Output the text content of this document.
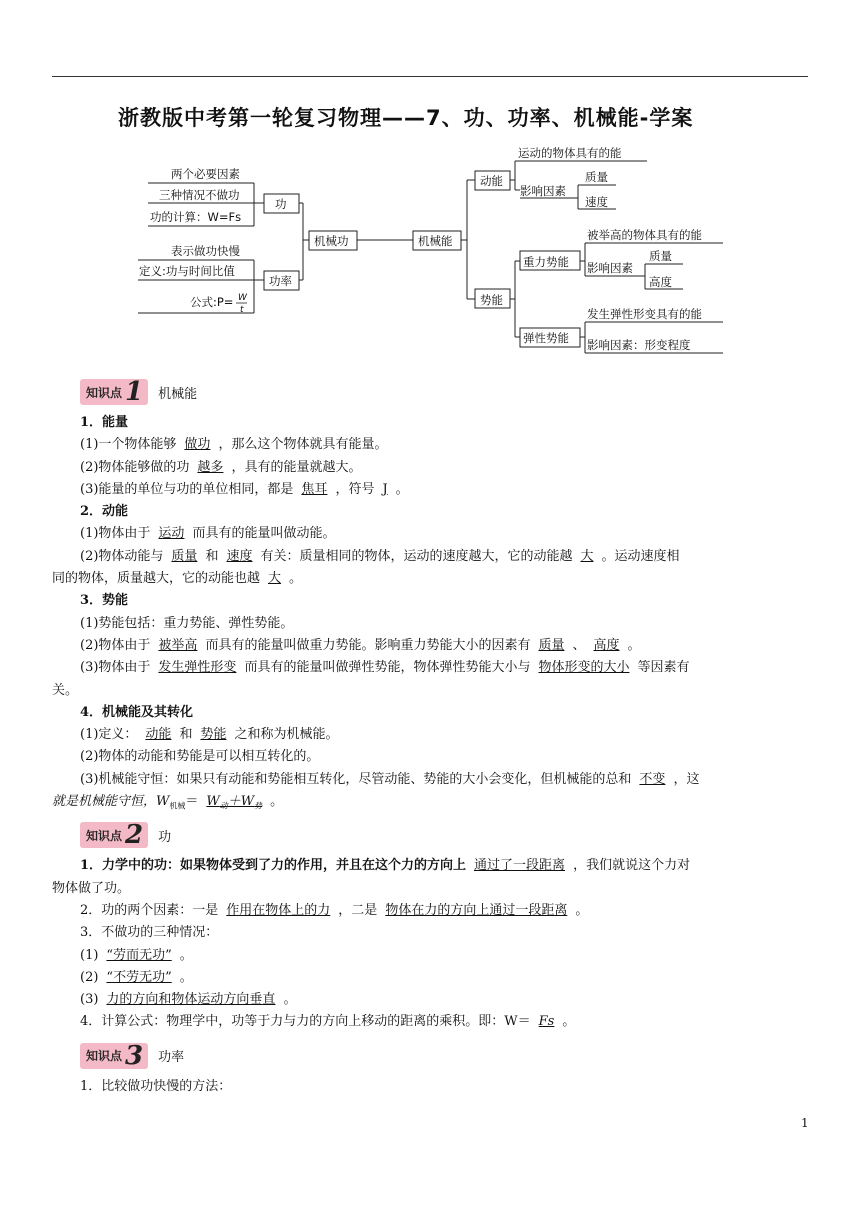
浙教版中考第一轮复习物理——7、功、功率、机械能-学案
两个必要因素
三种情况不做功
功的计算：W=Fs
功
表示做功快慢
定义:功与时间比值
公式:P= W
t
功率
机械功	机械能
动能
运动的物体具有的能
影响因素
质量
速度
势能
重力势能
被举高的物体具有的能
影响因素
质量
高度
弹性势能
发生弹性形变具有的能
影响因素：形变程度
知识点 1 机械能
1．能量
(1)一个物体能够 做功 ，那么这个物体就具有能量。
(2)物体能够做的功 越多 ，具有的能量就越大。
(3)能量的单位与功的单位相同，都是 焦耳 ，符号 J 。
2．动能
(1)物体由于 运动 而具有的能量叫做动能。
(2)物体动能与 质量 和 速度 有关：质量相同的物体，运动的速度越大，它的动能越 大 。运动速度相
同的物体，质量越大，它的动能也越 大 。
3．势能
(1)势能包括：重力势能、弹性势能。
(2)物体由于 被举高 而具有的能量叫做重力势能。影响重力势能大小的因素有 质量 、 高度 。
(3)物体由于 发生弹性形变 而具有的能量叫做弹性势能，物体弹性势能大小与 物体形变的大小 等因素有
关。
4．机械能及其转化
(1)定义： 动能 和 势能 之和称为机械能。
(2)物体的动能和势能是可以相互转化的。
(3)机械能守恒：如果只有动能和势能相互转化，尽管动能、势能的大小会变化，但机械能的总和 不变 ，这
就是机械能守恒，$W_{机械}= W_动+W_势$ 。
知识点 2 功
1．力学中的功：如果物体受到了力的作用，并且在这个力的方向上 通过了一段距离 ，我们就说这个力对
物体做了功。
2．功的两个因素：一是 作用在物体上的力 ，二是 物体在力的方向上通过一段距离 。
3．不做功的三种情况：
(1) “劳而无功” 。
(2) “不劳无功” 。
(3) 力的方向和物体运动方向垂直 。
4．计算公式：物理学中，功等于力与力的方向上移动的距离的乘积。即：W＝ Fs 。
知识点 3 功率
1．比较做功快慢的方法：
1
